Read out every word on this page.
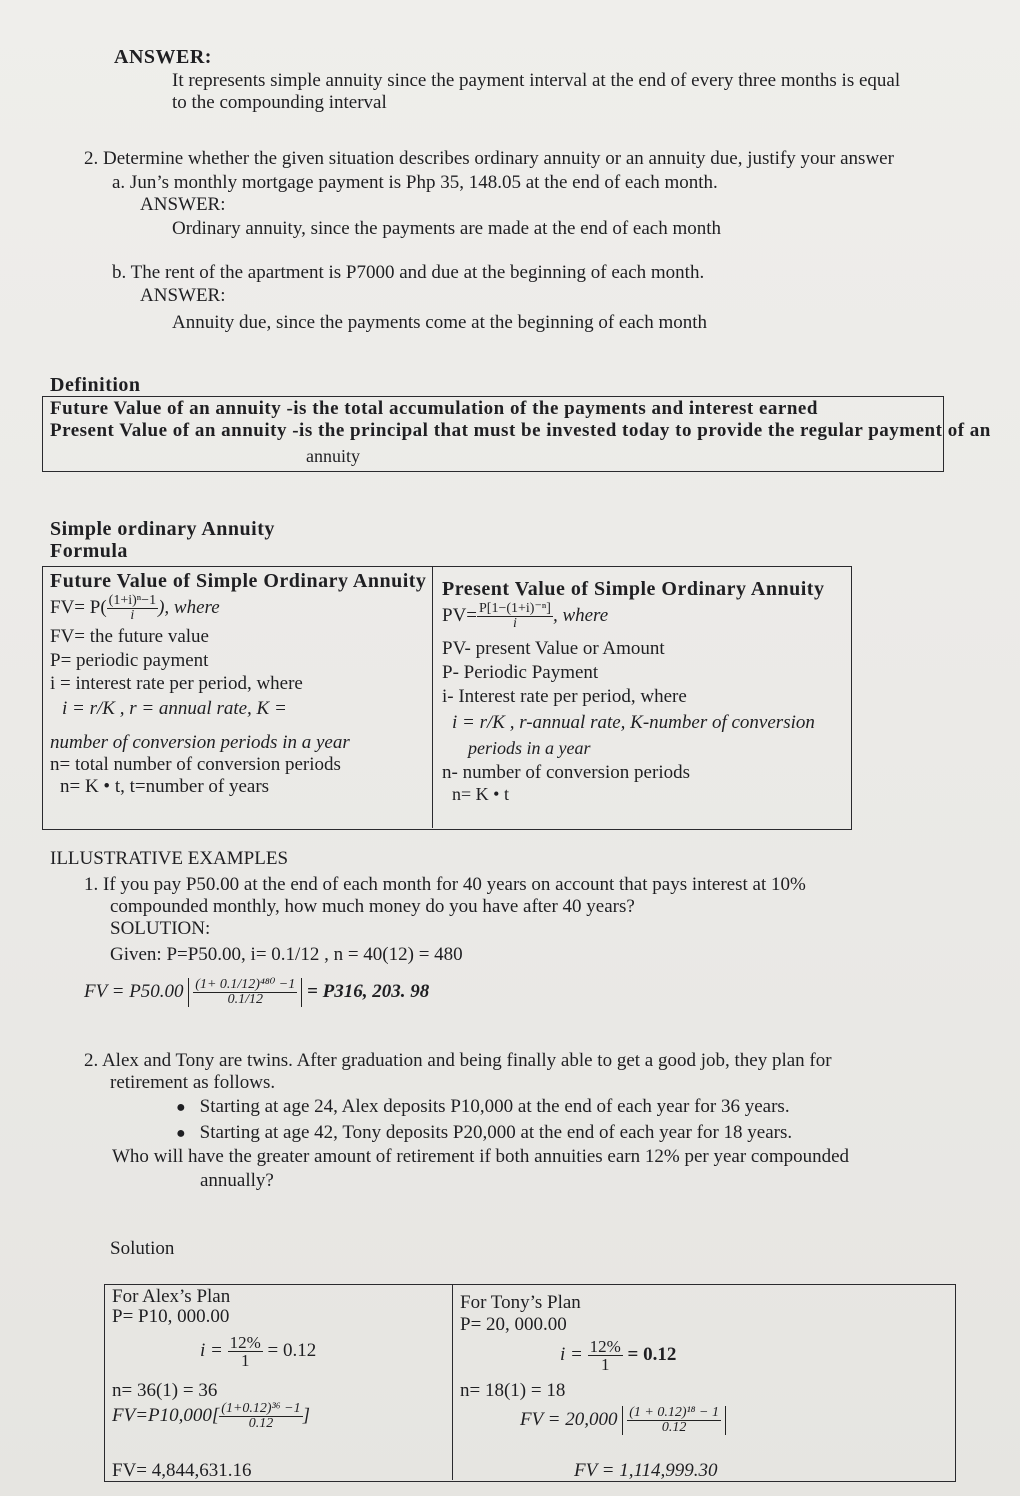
ANSWER:
It represents simple annuity since the payment interval at the end of every three months is equal
to the compounding interval
2. Determine whether the given situation describes ordinary annuity or an annuity due, justify your answer
a. Jun’s monthly mortgage payment is Php 35, 148.05 at the end of each month.
ANSWER:
Ordinary annuity, since the payments are made at the end of each month
b. The rent of the apartment is P7000 and due at the beginning of each month.
ANSWER:
Annuity due, since the payments come at the beginning of each month
Definition
Future Value of an annuity -is the total accumulation of the payments and interest earned
Present Value of an annuity -is the principal that must be invested today to provide the regular payment of an
annuity
Simple ordinary Annuity
Formula
Future Value of Simple Ordinary Annuity
$FV= P( \frac{\text{(1+i)ⁿ−1}}{i}$ ), where
FV= the future value
P= periodic payment
i = interest rate per period, where
i = r/K , r = annual rate, K =
number of conversion periods in a year
n= total number of conversion periods
n= K • t, t=number of years
Present Value of Simple Ordinary Annuity
$PV= \frac{\text{P[1−(1+i)⁻ⁿ]}}{i}$ , where
PV- present Value or Amount
P- Periodic Payment
i- Interest rate per period, where
i = r/K , r-annual rate, K-number of conversion
periods in a year
n- number of conversion periods
n= K • t
ILLUSTRATIVE EXAMPLES
1. If you pay P50.00 at the end of each month for 40 years on account that pays interest at 10%
compounded monthly, how much money do you have after 40 years?
SOLUTION:
Given: P=P50.00, i= 0.1/12 , n = 40(12) = 480
FV = $P50.00 \frac{\text{(1+ 0.1/12)⁴⁸⁰ −1}}{0.1/12} = P316$, 203. 98
2. Alex and Tony are twins. After graduation and being finally able to get a good job, they plan for
retirement as follows.
● Starting at age 24, Alex deposits P10,000 at the end of each year for 36 years.
● Starting at age 42, Tony deposits P20,000 at the end of each year for 18 years.
Who will have the greater amount of retirement if both annuities earn 12% per year compounded
annually?
Solution
For Alex’s Plan
P= P10, 000.00
$i = \frac{12\%}{1} = 0.12$
n= 36(1) = 36
$FV=P10,000[ \frac{\text{(1+0.12)³⁶ −1}}{0.12}$ ]
FV= 4,844,631.16
For Tony’s Plan
P= 20, 000.00
$i = \frac{12\%}{1} = 0.12$
n= 18(1) = 18
FV = $20,000 \frac{\text{(1 + 0.12)¹⁸ − 1}}{0.12}$
FV = 1,114,999.30
